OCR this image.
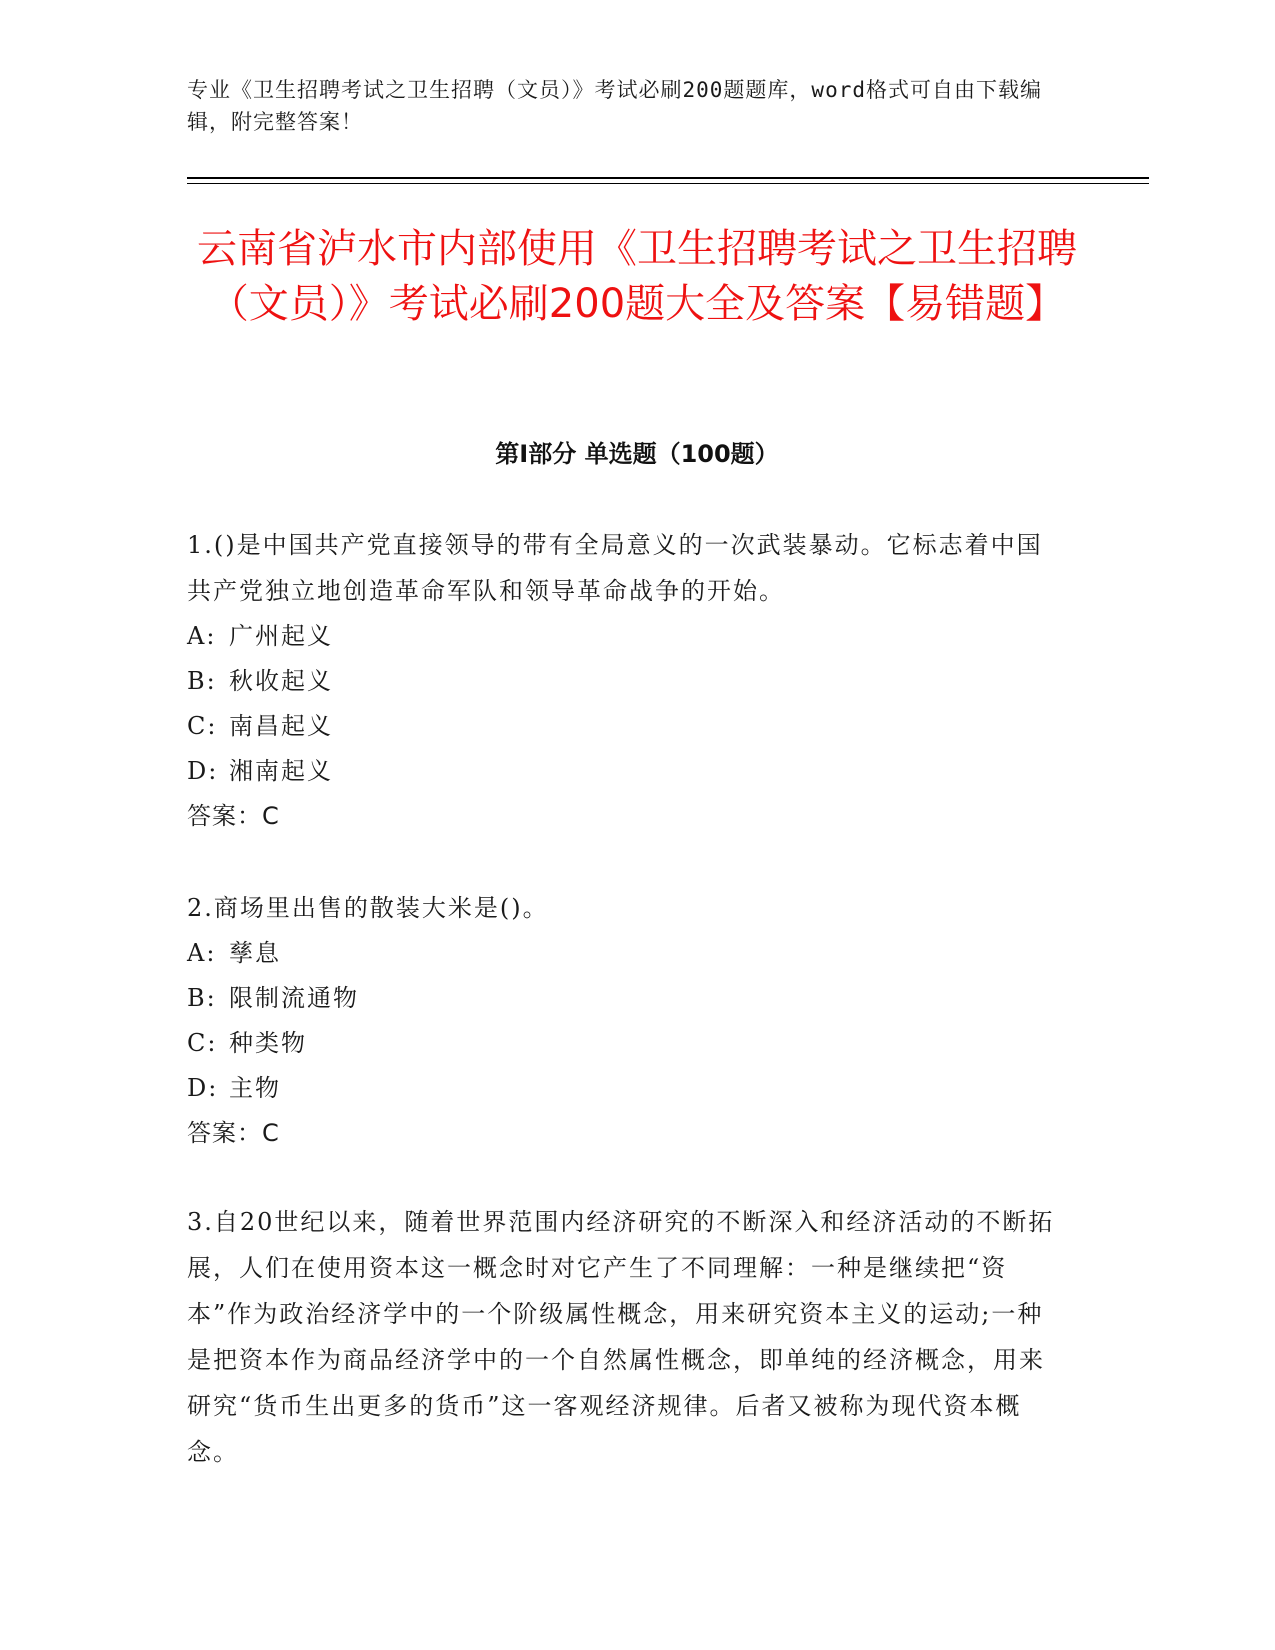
专业《卫生招聘考试之卫生招聘（文员）》考试必刷200题题库，word格式可自由下载编辑，附完整答案！
云南省泸水市内部使用《卫生招聘考试之卫生招聘（文员）》考试必刷200题大全及答案【易错题】
第Ⅰ部分 单选题（100题）

1.()是中国共产党直接领导的带有全局意义的一次武装暴动。它标志着中国共产党独立地创造革命军队和领导革命战争的开始。

A: 广州起义

B: 秋收起义

C: 南昌起义

D: 湘南起义

答案：C

2.商场里出售的散装大米是()。

A: 孳息

B: 限制流通物

C: 种类物

D: 主物

答案：C

3.自20世纪以来，随着世界范围内经济研究的不断深入和经济活动的不断拓展，人们在使用资本这一概念时对它产生了不同理解：一种是继续把“资本”作为政治经济学中的一个阶级属性概念，用来研究资本主义的运动;一种是把资本作为商品经济学中的一个自然属性概念，即单纯的经济概念，用来研究“货币生出更多的货币”这一客观经济规律。后者又被称为现代资本概念。
